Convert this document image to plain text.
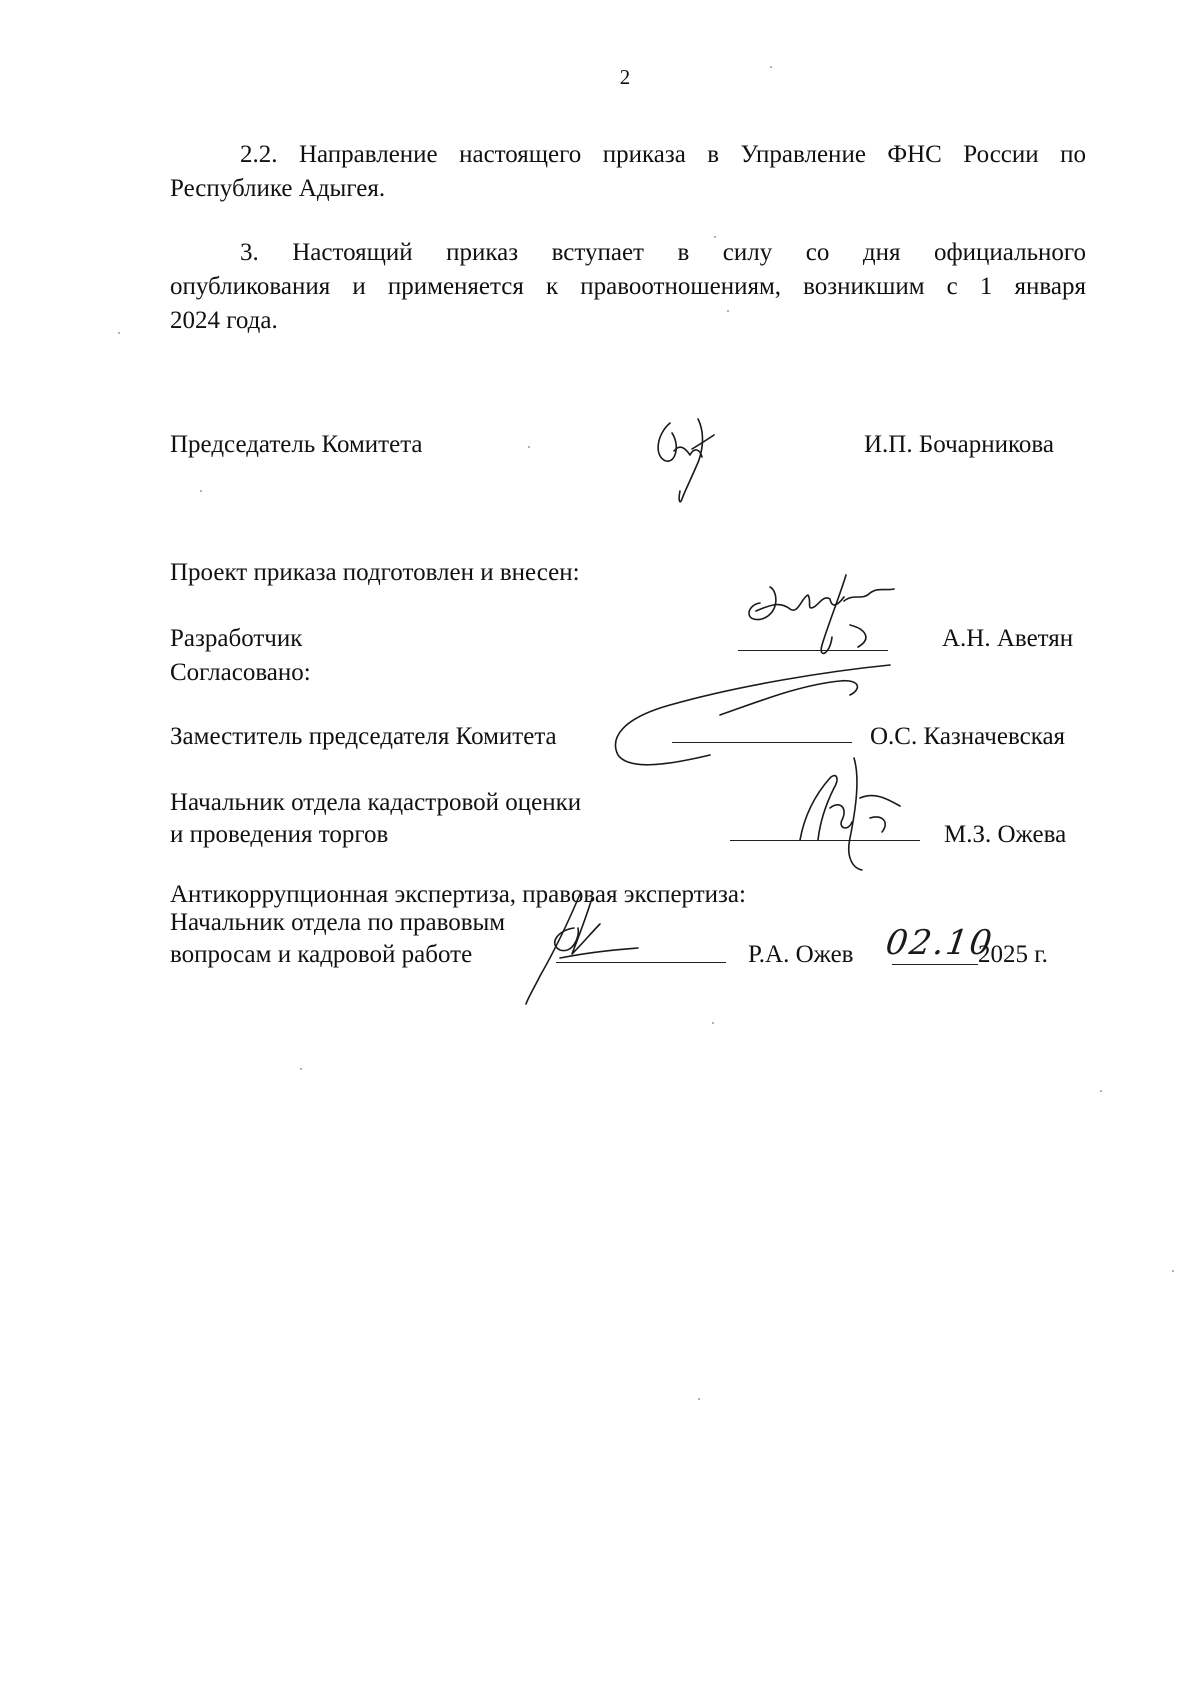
2
2.2. Направление настоящего приказа в Управление ФНС России по
Республике Адыгея.
3. Настоящий приказ вступает в силу со дня официального
опубликования и применяется к правоотношениям, возникшим с 1 января
2024 года.
Председатель Комитета	И.П. Бочарникова
Проект приказа подготовлен и внесен:
Разработчик	А.Н. Аветян
Согласовано:
Заместитель председателя Комитета	О.С. Казначевская
Начальник отдела кадастровой оценки
и проведения торгов	М.З. Ожева
Антикоррупционная экспертиза, правовая экспертиза:
Начальник отдела по правовым
вопросам и кадровой работе	Р.А. Ожев 02.10
2025 г.
